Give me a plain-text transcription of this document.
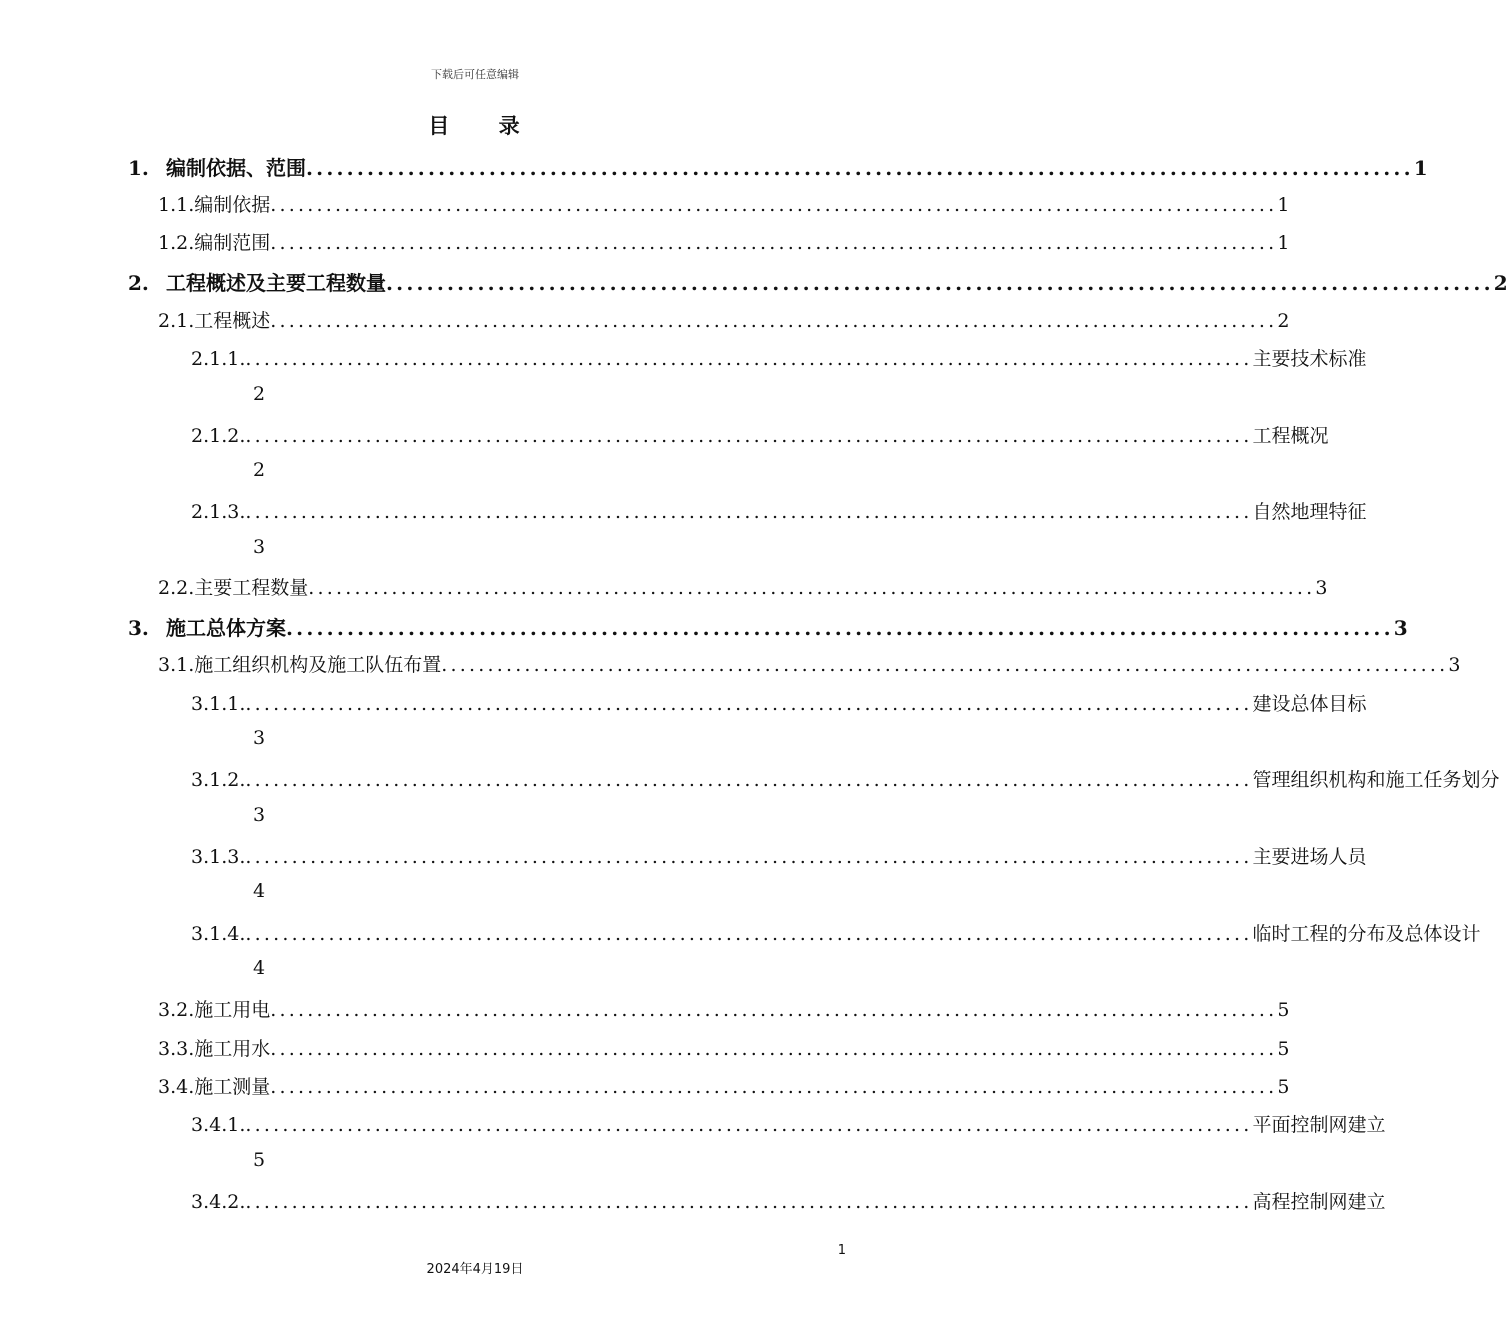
下载后可任意编辑
目 录
1. 编制依据、范围 ............................................................................................................. 1
1.1. 编制依据 ............................................................................................................. 1
1.2. 编制范围 ............................................................................................................. 1
2. 工程概述及主要工程数量 ............................................................................................................. 2
2.1. 工程概述 ............................................................................................................. 2
2.1.1. ............................................................................................................. 主要技术标准
2
2.1.2. ............................................................................................................. 工程概况
2
2.1.3. ............................................................................................................. 自然地理特征
3
2.2. 主要工程数量 ............................................................................................................. 3
3. 施工总体方案 ............................................................................................................. 3
3.1. 施工组织机构及施工队伍布置 ............................................................................................................. 3
3.1.1. ............................................................................................................. 建设总体目标
3
3.1.2. ............................................................................................................. 管理组织机构和施工任务划分
3
3.1.3. ............................................................................................................. 主要进场人员
4
3.1.4. ............................................................................................................. 临时工程的分布及总体设计
4
3.2. 施工用电 ............................................................................................................. 5
3.3. 施工用水 ............................................................................................................. 5
3.4. 施工测量 ............................................................................................................. 5
3.4.1. ............................................................................................................. 平面控制网建立
5
3.4.2. ............................................................................................................. 高程控制网建立
1
2024年4月19日
